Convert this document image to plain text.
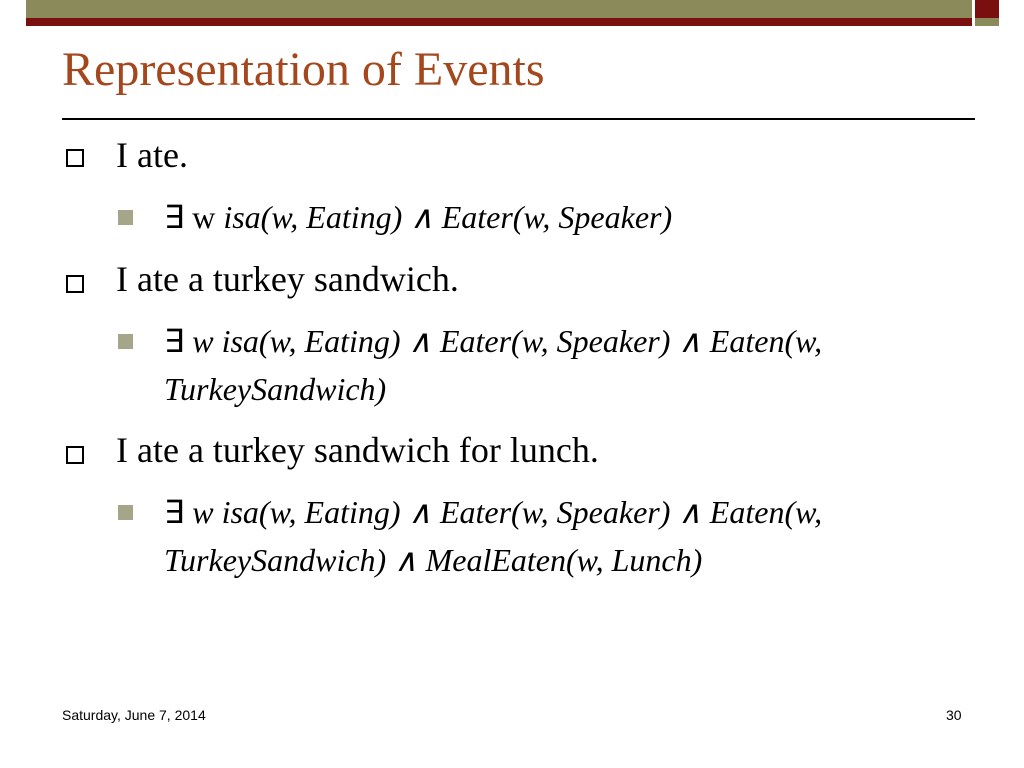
Representation of Events
I ate.
∃ w isa(w, Eating) ∧ Eater(w, Speaker)
I ate a turkey sandwich.
∃ w isa(w, Eating) ∧ Eater(w, Speaker) ∧ Eaten(w, TurkeySandwich)
I ate a turkey sandwich for lunch.
∃ w isa(w, Eating) ∧ Eater(w, Speaker) ∧ Eaten(w, TurkeySandwich) ∧ MealEaten(w, Lunch)
Saturday, June 7, 2014	30
